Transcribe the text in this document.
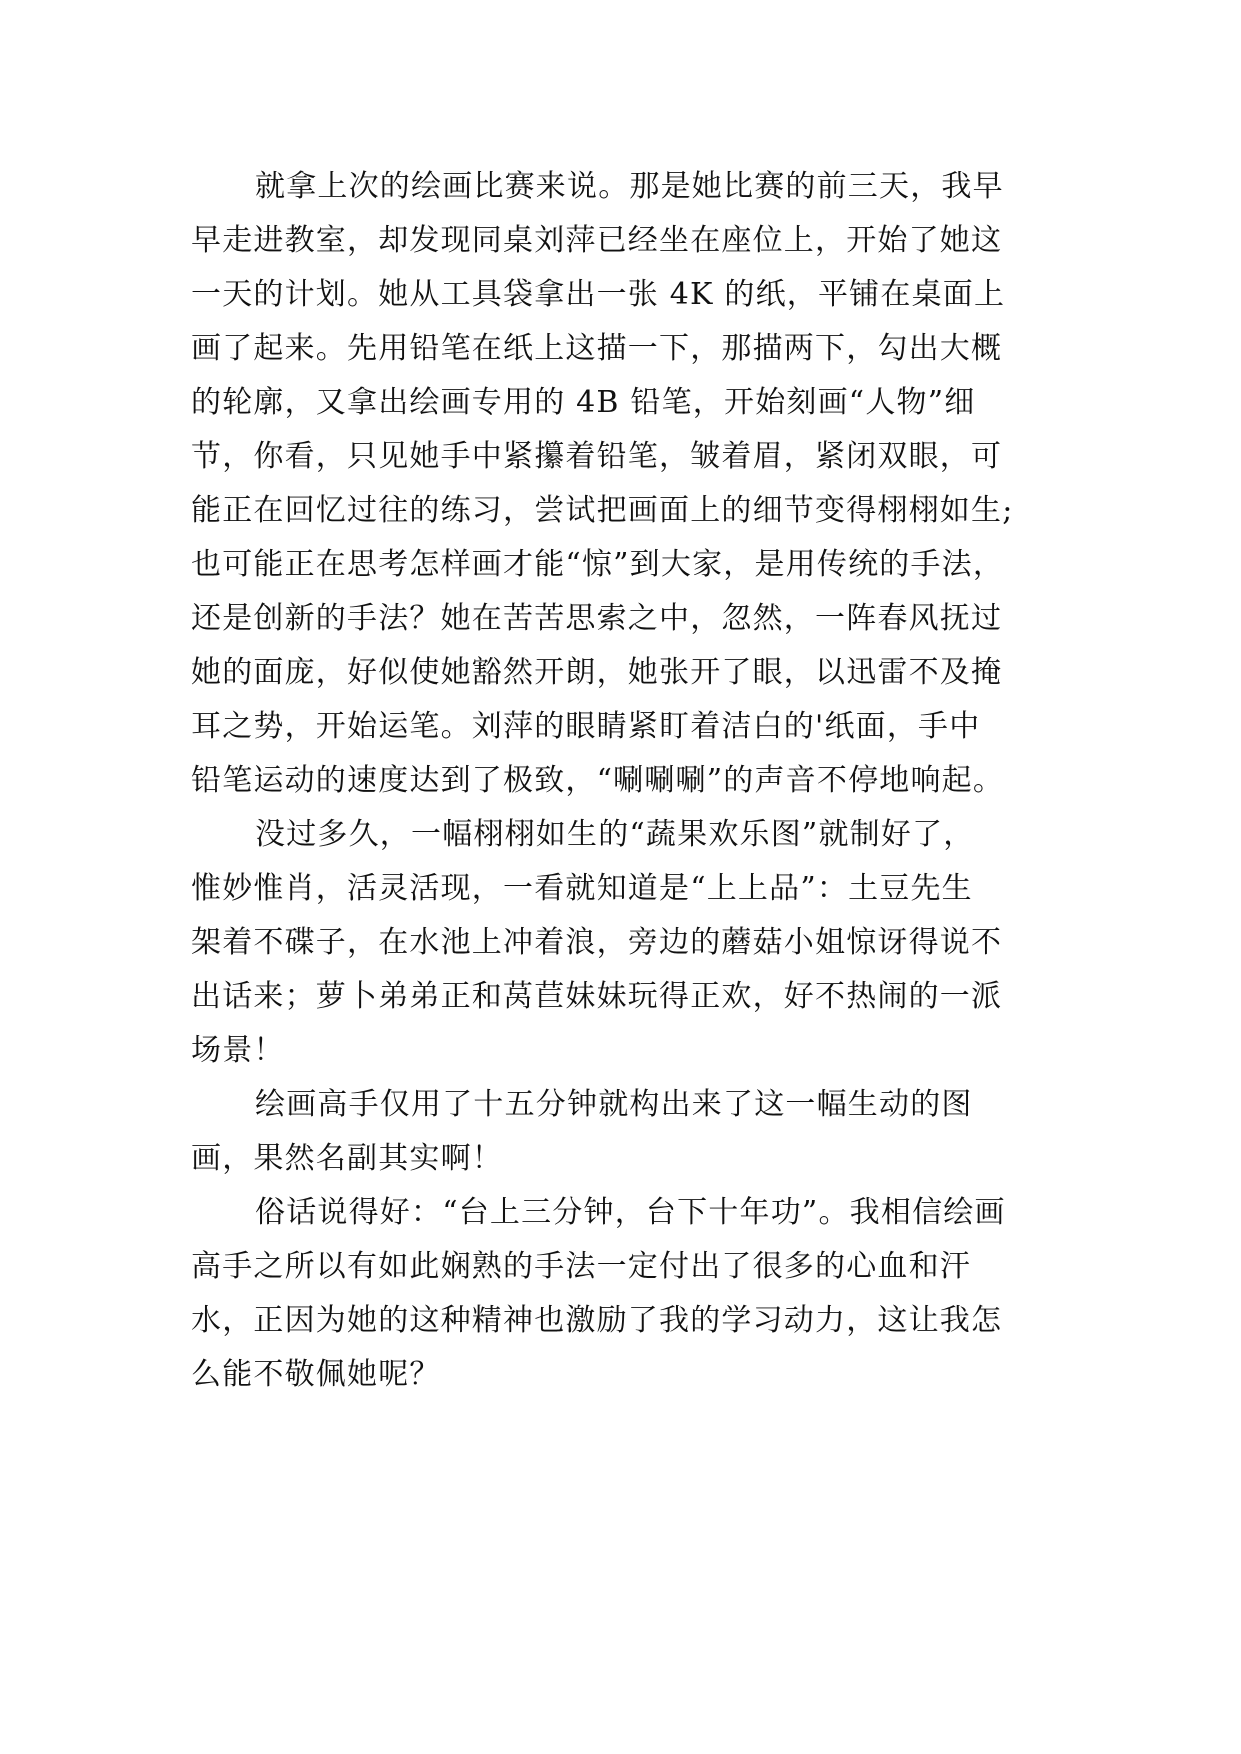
就拿上次的绘画比赛来说。那是她比赛的前三天，我早
早走进教室，却发现同桌刘萍已经坐在座位上，开始了她这
一天的计划。她从工具袋拿出一张 4K 的纸，平铺在桌面上
画了起来。先用铅笔在纸上这描一下，那描两下，勾出大概
的轮廓，又拿出绘画专用的 4B 铅笔，开始刻画“人物”细
节，你看，只见她手中紧攥着铅笔，皱着眉，紧闭双眼，可
能正在回忆过往的练习，尝试把画面上的细节变得栩栩如生;
也可能正在思考怎样画才能“惊”到大家，是用传统的手法，
还是创新的手法？她在苦苦思索之中，忽然，一阵春风抚过
她的面庞，好似使她豁然开朗，她张开了眼，以迅雷不及掩
耳之势，开始运笔。刘萍的眼睛紧盯着洁白的'纸面，手中
铅笔运动的速度达到了极致，“唰唰唰”的声音不停地响起。
没过多久，一幅栩栩如生的“蔬果欢乐图”就制好了，
惟妙惟肖，活灵活现，一看就知道是“上上品”：土豆先生
架着不碟子，在水池上冲着浪，旁边的蘑菇小姐惊讶得说不
出话来；萝卜弟弟正和莴苣妹妹玩得正欢，好不热闹的一派
场景！
绘画高手仅用了十五分钟就构出来了这一幅生动的图
画，果然名副其实啊！
俗话说得好：“台上三分钟，台下十年功”。我相信绘画
高手之所以有如此娴熟的手法一定付出了很多的心血和汗
水，正因为她的这种精神也激励了我的学习动力，这让我怎
么能不敬佩她呢？
